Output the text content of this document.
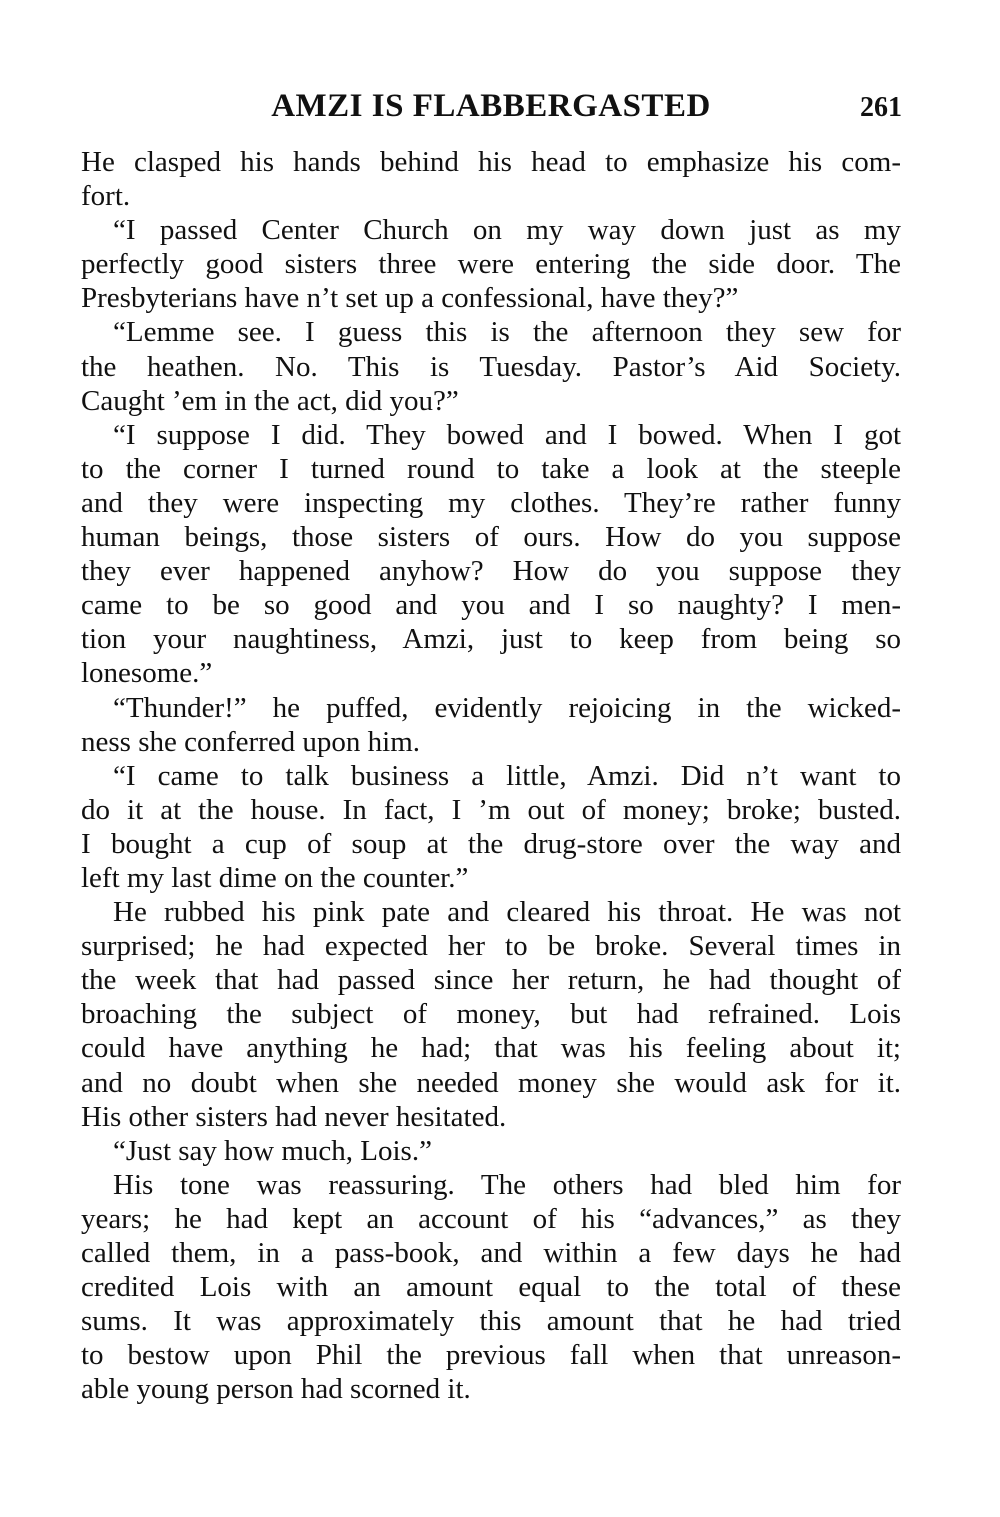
AMZI IS FLABBERGASTED	261
He clasped his hands behind his head to emphasize his com-
fort.
“I passed Center Church on my way down just as my
perfectly good sisters three were entering the side door. The
Presbyterians have n’t set up a confessional, have they?”
“Lemme see. I guess this is the afternoon they sew for
the heathen. No. This is Tuesday. Pastor’s Aid Society.
Caught ’em in the act, did you?”
“I suppose I did. They bowed and I bowed. When I got
to the corner I turned round to take a look at the steeple
and they were inspecting my clothes. They’re rather funny
human beings, those sisters of ours. How do you suppose
they ever happened anyhow? How do you suppose they
came to be so good and you and I so naughty? I men-
tion your naughtiness, Amzi, just to keep from being so
lonesome.”
“Thunder!” he puffed, evidently rejoicing in the wicked-
ness she conferred upon him.
“I came to talk business a little, Amzi. Did n’t want to
do it at the house. In fact, I ’m out of money; broke; busted.
I bought a cup of soup at the drug-store over the way and
left my last dime on the counter.”
He rubbed his pink pate and cleared his throat. He was not
surprised; he had expected her to be broke. Several times in
the week that had passed since her return, he had thought of
broaching the subject of money, but had refrained. Lois
could have anything he had; that was his feeling about it;
and no doubt when she needed money she would ask for it.
His other sisters had never hesitated.
“Just say how much, Lois.”
His tone was reassuring. The others had bled him for
years; he had kept an account of his “advances,” as they
called them, in a pass-book, and within a few days he had
credited Lois with an amount equal to the total of these
sums. It was approximately this amount that he had tried
to bestow upon Phil the previous fall when that unreason-
able young person had scorned it.
